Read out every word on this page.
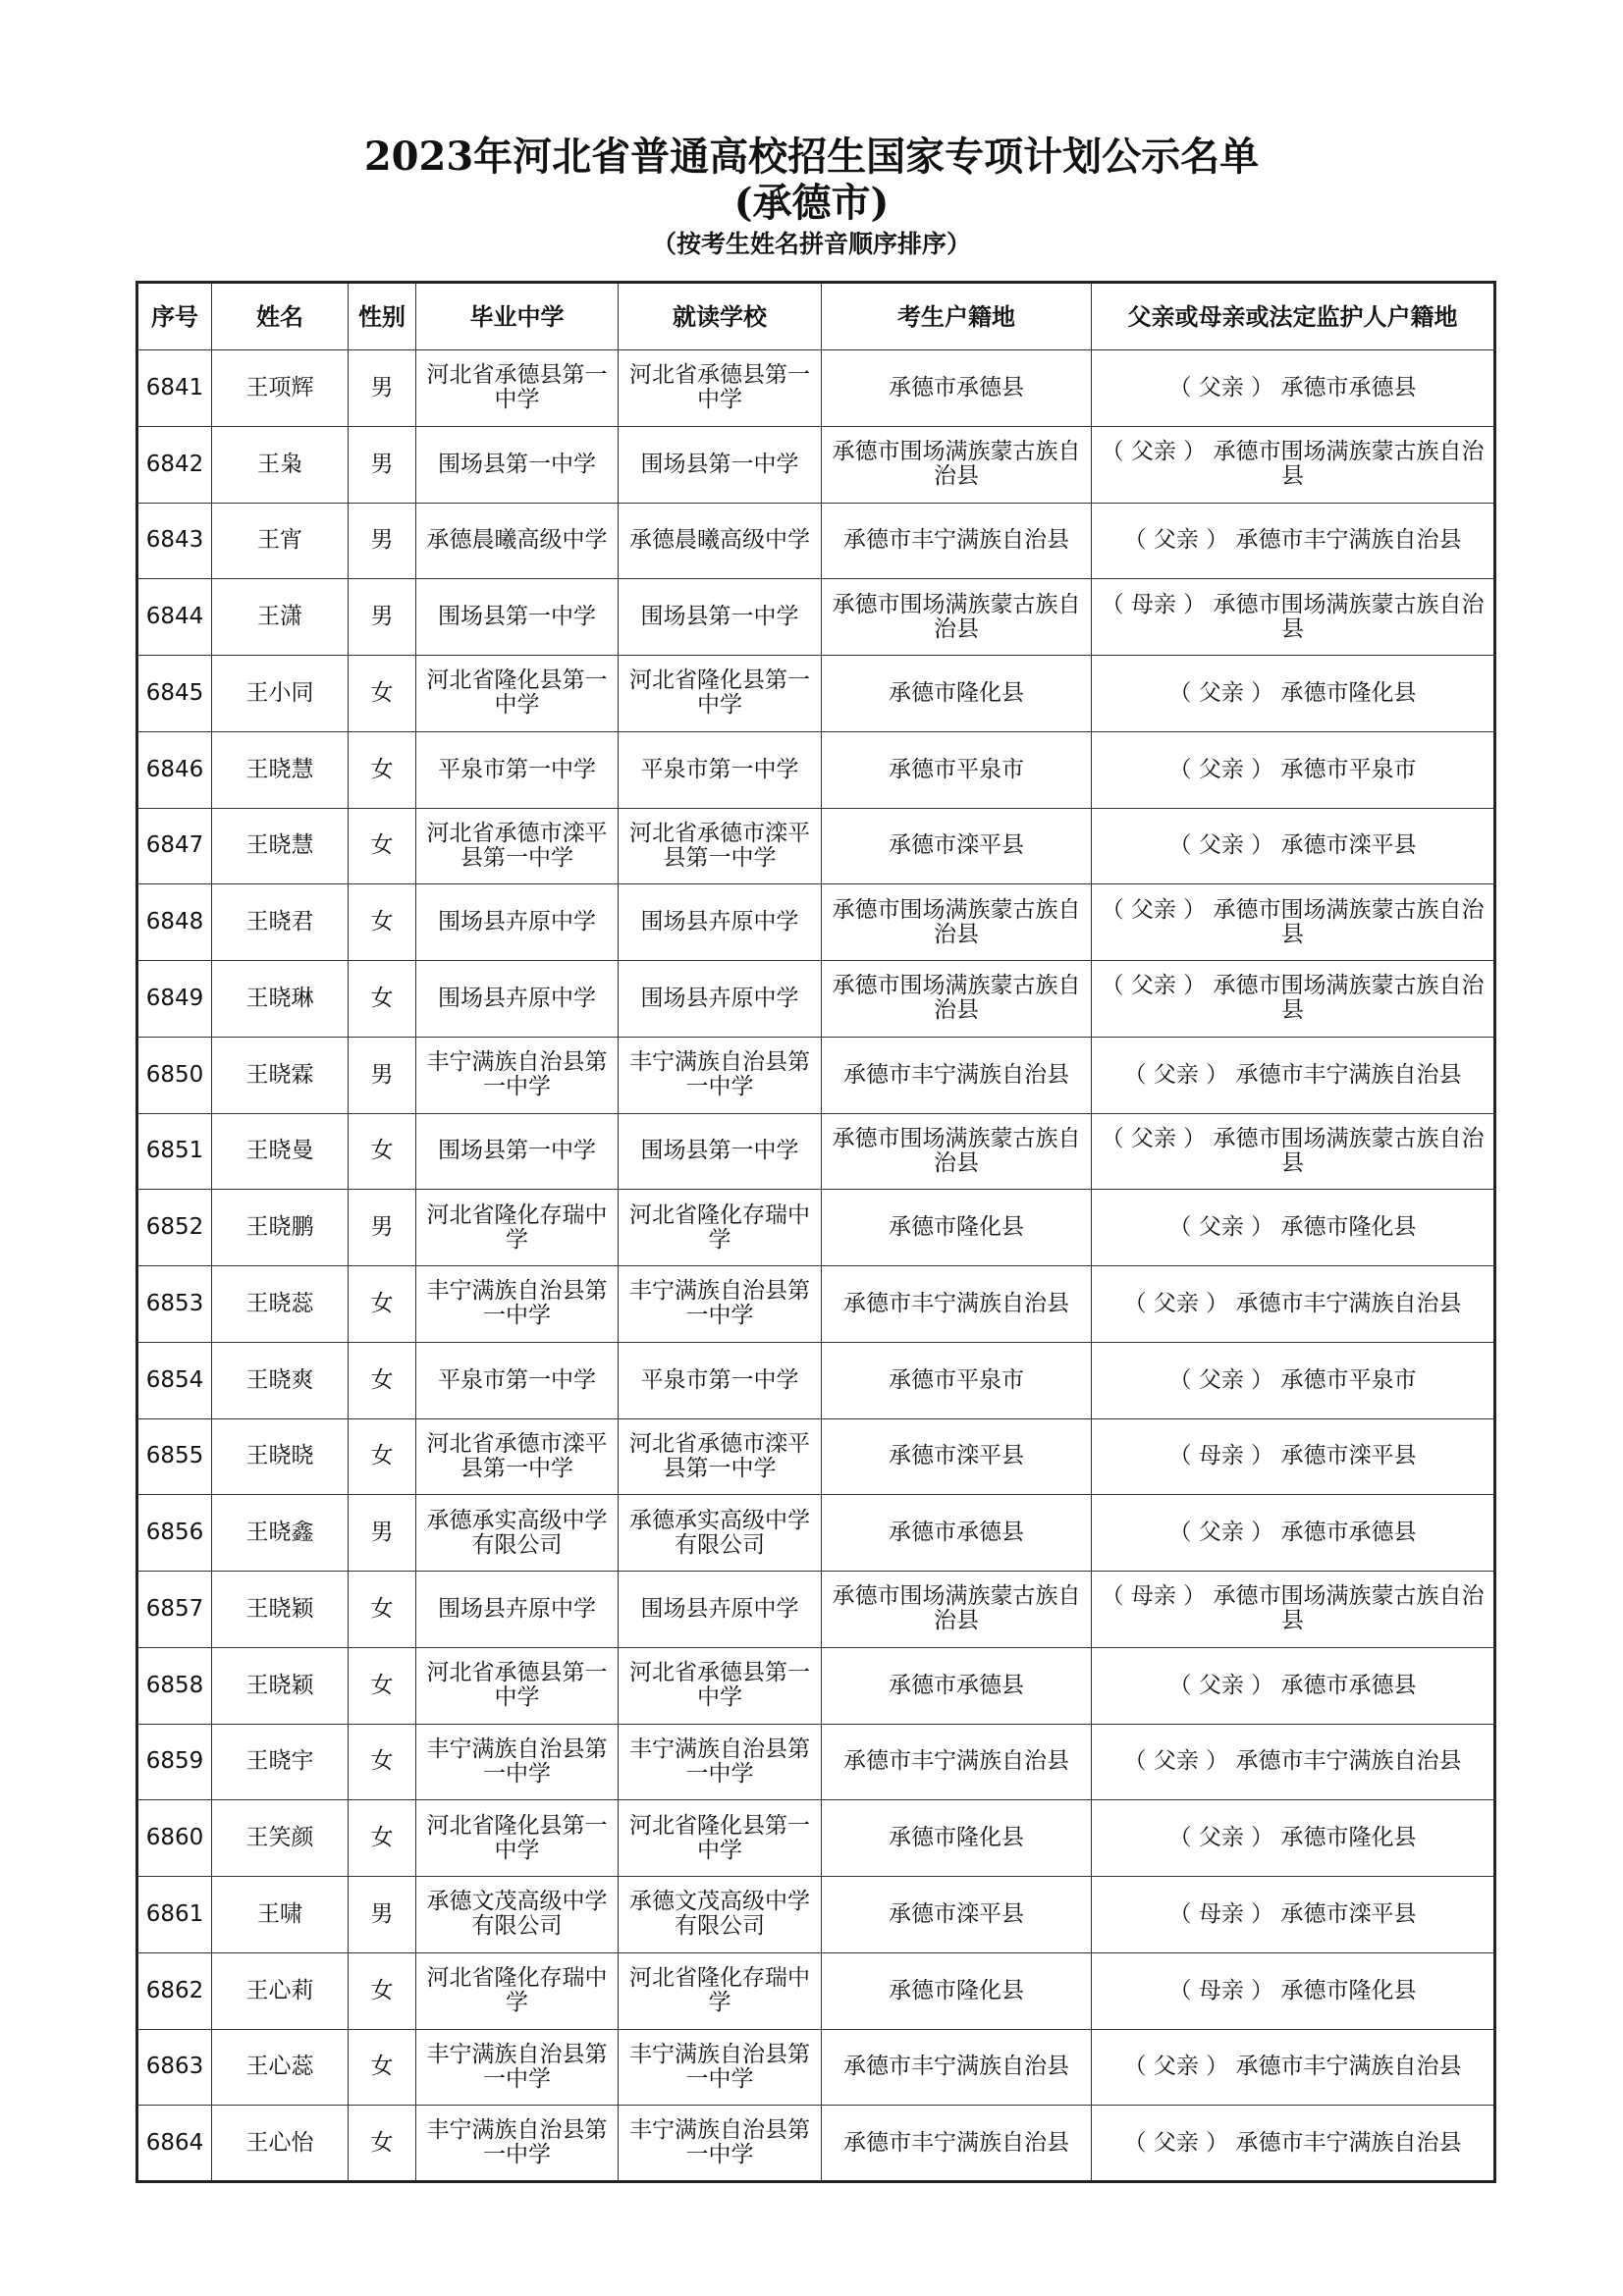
2023年河北省普通高校招生国家专项计划公示名单
(承德市)
（按考生姓名拼音顺序排序）
序号	姓名	性别	毕业中学	就读学校	考生户籍地	父亲或母亲或法定监护人户籍地
6841	王项辉	男	河北省承德县第一中学	河北省承德县第一中学	承德市承德县	（ 父亲 ） 承德市承德县
6842	王枭	男	围场县第一中学	围场县第一中学	承德市围场满族蒙古族自治县	（ 父亲 ） 承德市围场满族蒙古族自治县
6843	王宵	男	承德晨曦高级中学	承德晨曦高级中学	承德市丰宁满族自治县	（ 父亲 ） 承德市丰宁满族自治县
6844	王潇	男	围场县第一中学	围场县第一中学	承德市围场满族蒙古族自治县	（ 母亲 ） 承德市围场满族蒙古族自治县
6845	王小同	女	河北省隆化县第一中学	河北省隆化县第一中学	承德市隆化县	（ 父亲 ） 承德市隆化县
6846	王晓慧	女	平泉市第一中学	平泉市第一中学	承德市平泉市	（ 父亲 ） 承德市平泉市
6847	王晓慧	女	河北省承德市滦平县第一中学	河北省承德市滦平县第一中学	承德市滦平县	（ 父亲 ） 承德市滦平县
6848	王晓君	女	围场县卉原中学	围场县卉原中学	承德市围场满族蒙古族自治县	（ 父亲 ） 承德市围场满族蒙古族自治县
6849	王晓琳	女	围场县卉原中学	围场县卉原中学	承德市围场满族蒙古族自治县	（ 父亲 ） 承德市围场满族蒙古族自治县
6850	王晓霖	男	丰宁满族自治县第一中学	丰宁满族自治县第一中学	承德市丰宁满族自治县	（ 父亲 ） 承德市丰宁满族自治县
6851	王晓曼	女	围场县第一中学	围场县第一中学	承德市围场满族蒙古族自治县	（ 父亲 ） 承德市围场满族蒙古族自治县
6852	王晓鹏	男	河北省隆化存瑞中学	河北省隆化存瑞中学	承德市隆化县	（ 父亲 ） 承德市隆化县
6853	王晓蕊	女	丰宁满族自治县第一中学	丰宁满族自治县第一中学	承德市丰宁满族自治县	（ 父亲 ） 承德市丰宁满族自治县
6854	王晓爽	女	平泉市第一中学	平泉市第一中学	承德市平泉市	（ 父亲 ） 承德市平泉市
6855	王晓晓	女	河北省承德市滦平县第一中学	河北省承德市滦平县第一中学	承德市滦平县	（ 母亲 ） 承德市滦平县
6856	王晓鑫	男	承德承实高级中学有限公司	承德承实高级中学有限公司	承德市承德县	（ 父亲 ） 承德市承德县
6857	王晓颖	女	围场县卉原中学	围场县卉原中学	承德市围场满族蒙古族自治县	（ 母亲 ） 承德市围场满族蒙古族自治县
6858	王晓颖	女	河北省承德县第一中学	河北省承德县第一中学	承德市承德县	（ 父亲 ） 承德市承德县
6859	王晓宇	女	丰宁满族自治县第一中学	丰宁满族自治县第一中学	承德市丰宁满族自治县	（ 父亲 ） 承德市丰宁满族自治县
6860	王笑颜	女	河北省隆化县第一中学	河北省隆化县第一中学	承德市隆化县	（ 父亲 ） 承德市隆化县
6861	王啸	男	承德文茂高级中学有限公司	承德文茂高级中学有限公司	承德市滦平县	（ 母亲 ） 承德市滦平县
6862	王心莉	女	河北省隆化存瑞中学	河北省隆化存瑞中学	承德市隆化县	（ 母亲 ） 承德市隆化县
6863	王心蕊	女	丰宁满族自治县第一中学	丰宁满族自治县第一中学	承德市丰宁满族自治县	（ 父亲 ） 承德市丰宁满族自治县
6864	王心怡	女	丰宁满族自治县第一中学	丰宁满族自治县第一中学	承德市丰宁满族自治县	（ 父亲 ） 承德市丰宁满族自治县
